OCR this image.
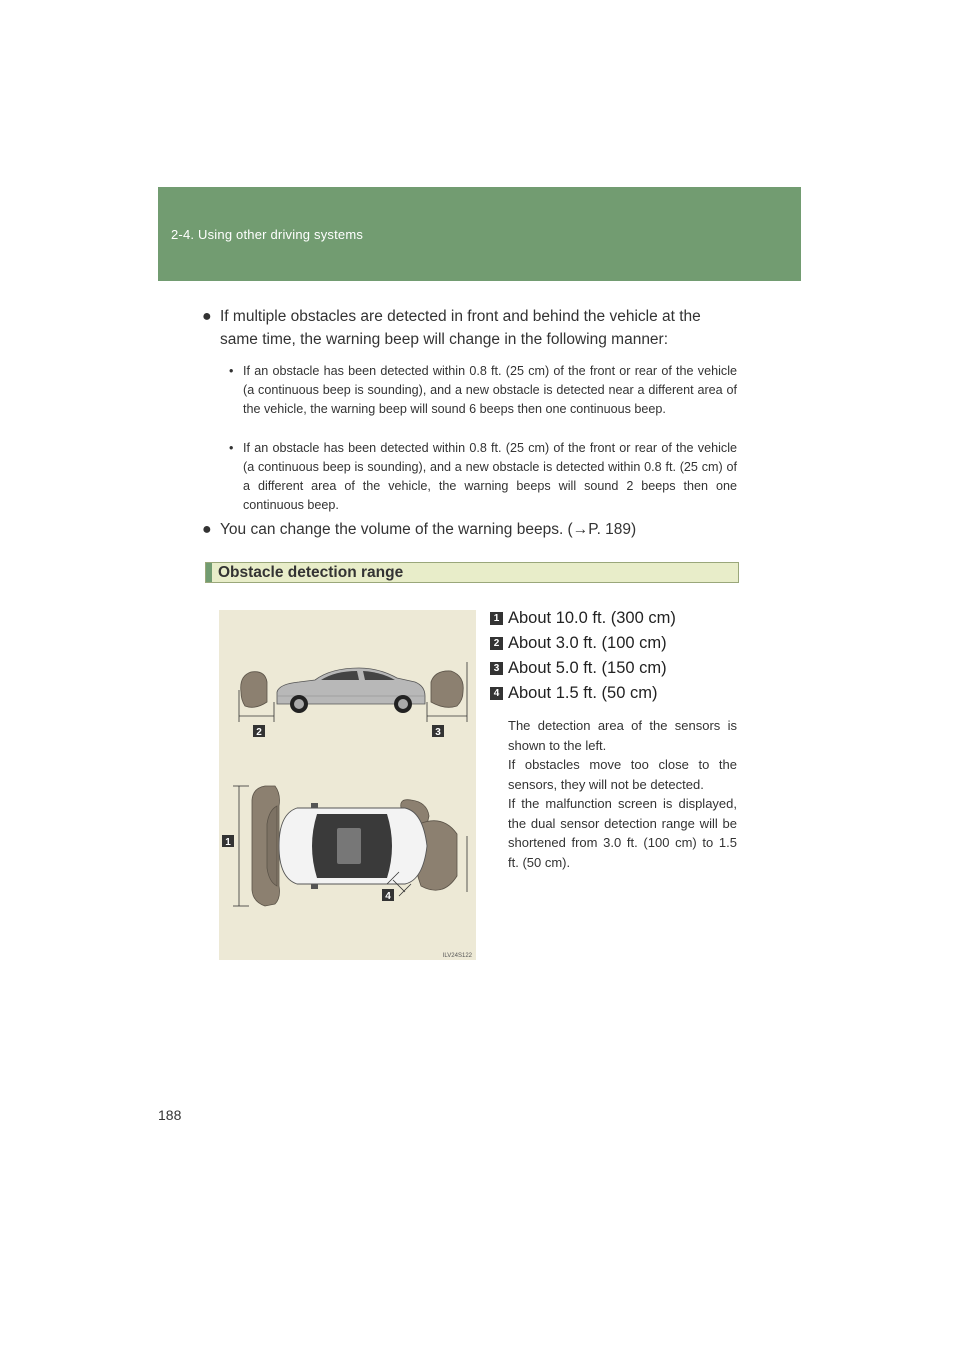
2-4. Using other driving systems
● If multiple obstacles are detected in front and behind the vehicle at the same time, the warning beep will change in the following manner:
• If an obstacle has been detected within 0.8 ft. (25 cm) of the front or rear of the vehicle (a continuous beep is sounding), and a new obstacle is detected near a different area of the vehicle, the warning beep will sound 6 beeps then one continuous beep.
• If an obstacle has been detected within 0.8 ft. (25 cm) of the front or rear of the vehicle (a continuous beep is sounding), and a new obstacle is detected within 0.8 ft. (25 cm) of a different area of the vehicle, the warning beeps will sound 2 beeps then one continuous beep.
● You can change the volume of the warning beeps. (→P. 189)
Obstacle detection range
2	3
1
4
ILV24S122
1 About 10.0 ft. (300 cm)
2 About 3.0 ft. (100 cm)
3 About 5.0 ft. (150 cm)
4 About 1.5 ft. (50 cm)

The detection area of the sensors is shown to the left.

If obstacles move too close to the sensors, they will not be detected.

If the malfunction screen is displayed, the dual sensor detection range will be shortened from 3.0 ft. (100 cm) to 1.5 ft. (50 cm).

188
